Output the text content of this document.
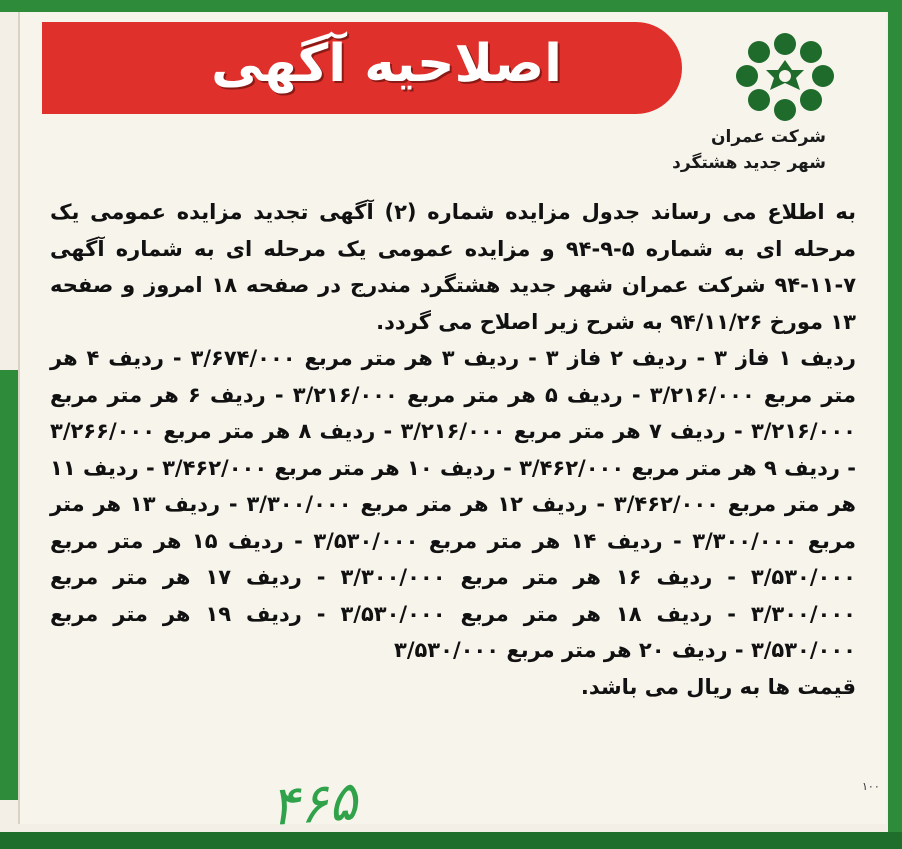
اصلاحیه آگهی
شرکت عمران
شهر جدید هشتگرد

به اطلاع می رساند جدول مزایده شماره (۲) آگهی تجدید مزایده عمومی یک مرحله ای به شماره ۵-۹-۹۴ و مزایده عمومی یک مرحله ای به شماره آگهی ۷-۱۱-۹۴ شرکت عمران شهر جدید هشتگرد مندرج در صفحه ۱۸ امروز و صفحه ۱۳ مورخ ۹۴/۱۱/۲۶ به شرح زیر اصلاح می گردد.

ردیف ۱ فاز ۳ - ردیف ۲ فاز ۳ - ردیف ۳ هر متر مربع ۳/۶۷۴/۰۰۰ - ردیف ۴ هر متر مربع ۳/۲۱۶/۰۰۰ - ردیف ۵ هر متر مربع ۳/۲۱۶/۰۰۰ - ردیف ۶ هر متر مربع ۳/۲۱۶/۰۰۰ - ردیف ۷ هر متر مربع ۳/۲۱۶/۰۰۰ - ردیف ۸ هر متر مربع ۳/۲۶۶/۰۰۰ - ردیف ۹ هر متر مربع ۳/۴۶۲/۰۰۰ - ردیف ۱۰ هر متر مربع ۳/۴۶۲/۰۰۰ - ردیف ۱۱ هر متر مربع ۳/۴۶۲/۰۰۰ - ردیف ۱۲ هر متر مربع ۳/۳۰۰/۰۰۰ - ردیف ۱۳ هر متر مربع ۳/۳۰۰/۰۰۰ - ردیف ۱۴ هر متر مربع ۳/۵۳۰/۰۰۰ - ردیف ۱۵ هر متر مربع ۳/۵۳۰/۰۰۰ - ردیف ۱۶ هر متر مربع ۳/۳۰۰/۰۰۰ - ردیف ۱۷ هر متر مربع ۳/۳۰۰/۰۰۰ - ردیف ۱۸ هر متر مربع ۳/۵۳۰/۰۰۰ - ردیف ۱۹ هر متر مربع ۳/۵۳۰/۰۰۰ - ردیف ۲۰ هر متر مربع ۳/۵۳۰/۰۰۰

قیمت ها به ریال می باشد.

۱۰۰
۴۶۵
